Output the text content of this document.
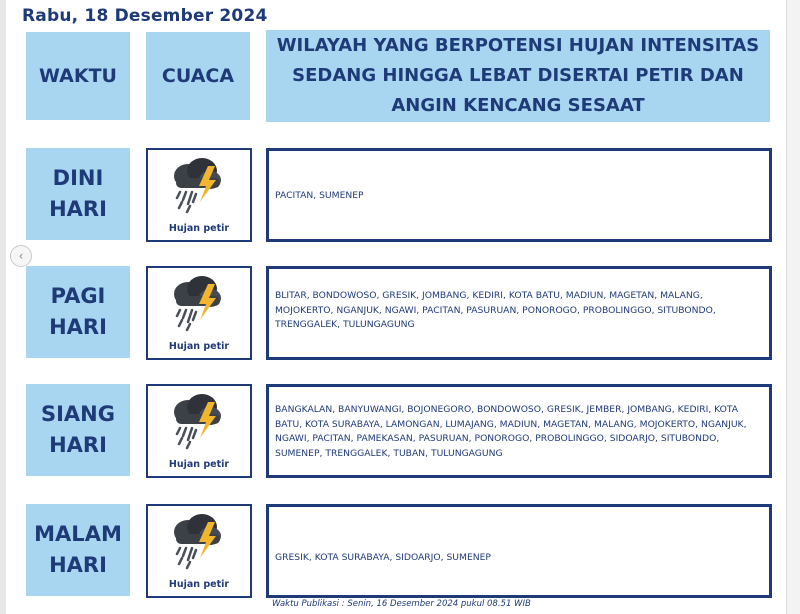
‹
Rabu, 18 Desember 2024
WAKTU	CUACA
WILAYAH YANG BERPOTENSI HUJAN INTENSITAS SEDANG HINGGA LEBAT DISERTAI PETIR DAN ANGIN KENCANG SESAAT
DINI
HARI
Hujan petir
PACITAN, SUMENEP
PAGI
HARI
Hujan petir
BLITAR, BONDOWOSO, GRESIK, JOMBANG, KEDIRI, KOTA BATU, MADIUN, MAGETAN, MALANG, MOJOKERTO, NGANJUK, NGAWI, PACITAN, PASURUAN, PONOROGO, PROBOLINGGO, SITUBONDO, TRENGGALEK, TULUNGAGUNG
SIANG
HARI
Hujan petir
BANGKALAN, BANYUWANGI, BOJONEGORO, BONDOWOSO, GRESIK, JEMBER, JOMBANG, KEDIRI, KOTA BATU, KOTA SURABAYA, LAMONGAN, LUMAJANG, MADIUN, MAGETAN, MALANG, MOJOKERTO, NGANJUK, NGAWI, PACITAN, PAMEKASAN, PASURUAN, PONOROGO, PROBOLINGGO, SIDOARJO, SITUBONDO, SUMENEP, TRENGGALEK, TUBAN, TULUNGAGUNG
MALAM
HARI
Hujan petir
GRESIK, KOTA SURABAYA, SIDOARJO, SUMENEP
Waktu Publikasi : Senin, 16 Desember 2024 pukul 08.51 WIB
